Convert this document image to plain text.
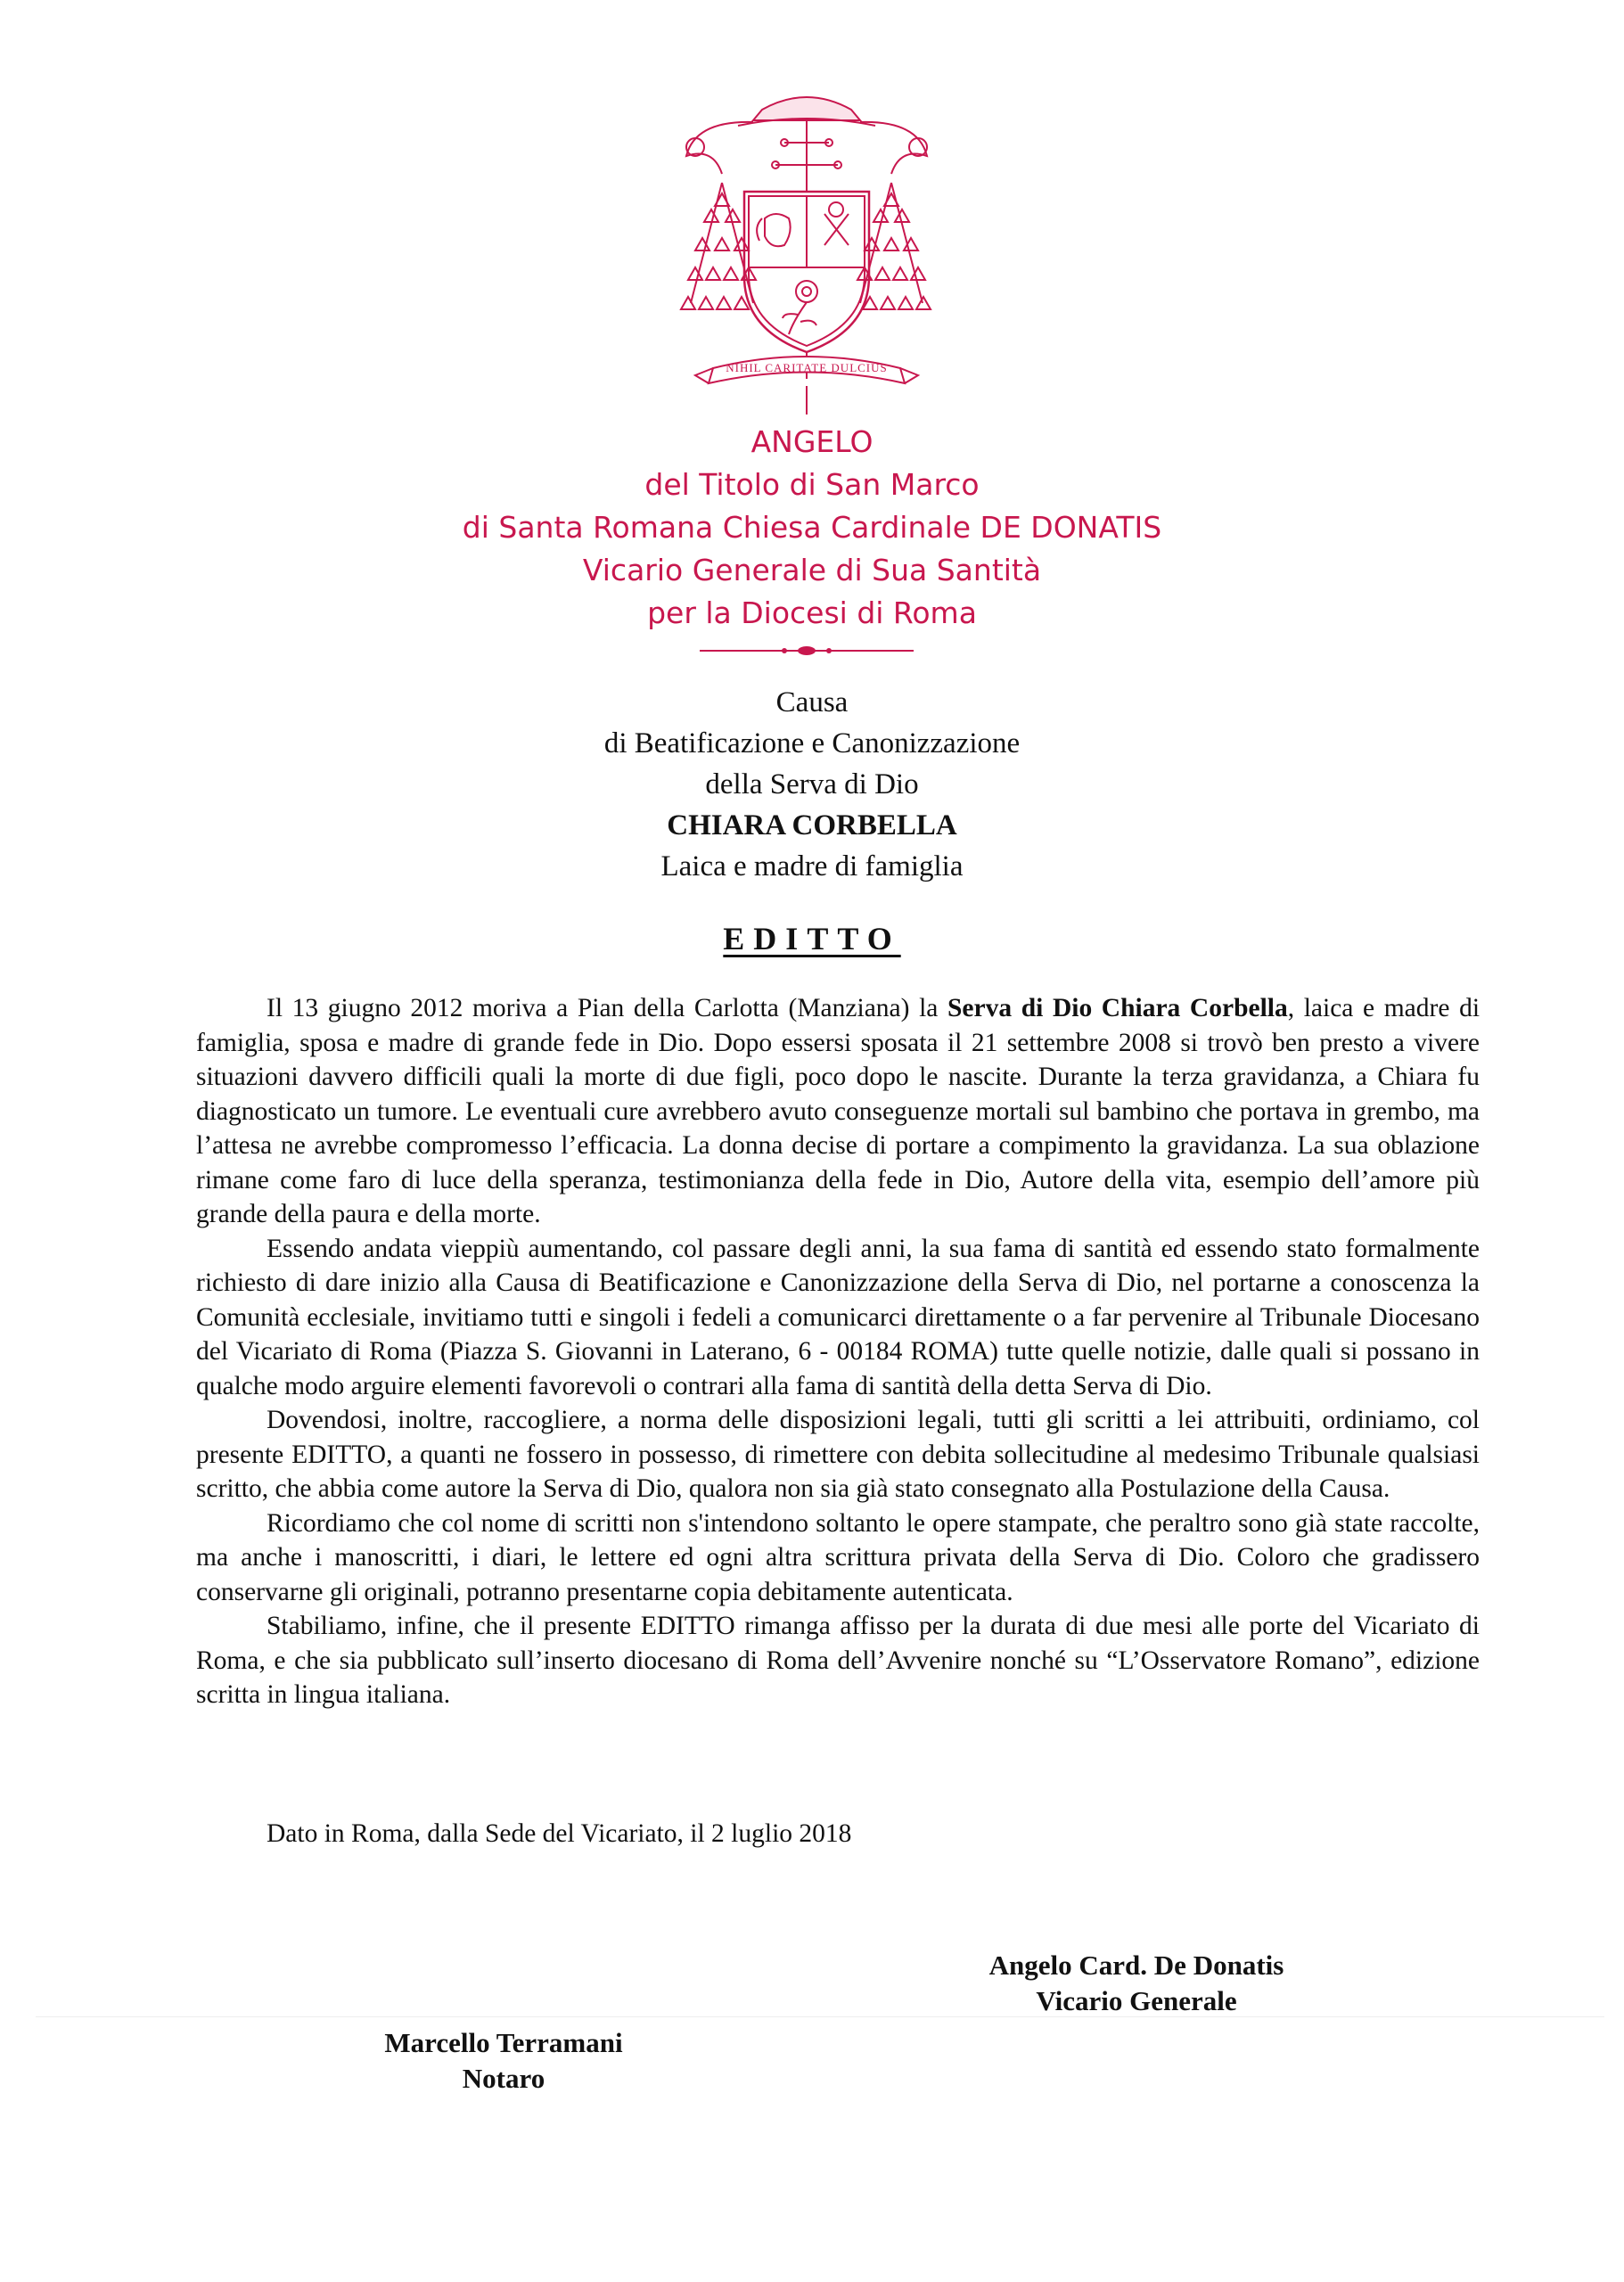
NIHIL CARITATE DULCIUS
ANGELO
del Titolo di San Marco
di Santa Romana Chiesa Cardinale DE DONATIS
Vicario Generale di Sua Santità
per la Diocesi di Roma
Causa
di Beatificazione e Canonizzazione
della Serva di Dio
CHIARA CORBELLA
Laica e madre di famiglia
EDITTO

Il 13 giugno 2012 moriva a Pian della Carlotta (Manziana) la Serva di Dio Chiara Corbella, laica e madre di famiglia, sposa e madre di grande fede in Dio. Dopo essersi sposata il 21 settembre 2008 si trovò ben presto a vivere situazioni davvero difficili quali la morte di due figli, poco dopo le nascite. Durante la terza gravidanza, a Chiara fu diagnosticato un tumore. Le eventuali cure avrebbero avuto conseguenze mortali sul bambino che portava in grembo, ma l’attesa ne avrebbe compromesso l’efficacia. La donna decise di portare a compimento la gravidanza. La sua oblazione rimane come faro di luce della speranza, testimonianza della fede in Dio, Autore della vita, esempio dell’amore più grande della paura e della morte.

Essendo andata vieppiù aumentando, col passare degli anni, la sua fama di santità ed essendo stato formalmente richiesto di dare inizio alla Causa di Beatificazione e Canonizzazione della Serva di Dio, nel portarne a conoscenza la Comunità ecclesiale, invitiamo tutti e singoli i fedeli a comunicarci direttamente o a far pervenire al Tribunale Diocesano del Vicariato di Roma (Piazza S. Giovanni in Laterano, 6 - 00184 ROMA) tutte quelle notizie, dalle quali si possano in qualche modo arguire elementi favorevoli o contrari alla fama di santità della detta Serva di Dio.

Dovendosi, inoltre, raccogliere, a norma delle disposizioni legali, tutti gli scritti a lei attribuiti, ordiniamo, col presente EDITTO, a quanti ne fossero in possesso, di rimettere con debita sollecitudine al medesimo Tribunale qualsiasi scritto, che abbia come autore la Serva di Dio, qualora non sia già stato consegnato alla Postulazione della Causa.

Ricordiamo che col nome di scritti non s'intendono soltanto le opere stampate, che peraltro sono già state raccolte, ma anche i manoscritti, i diari, le lettere ed ogni altra scrittura privata della Serva di Dio. Coloro che gradissero conservarne gli originali, potranno presentarne copia debitamente autenticata.

Stabiliamo, infine, che il presente EDITTO rimanga affisso per la durata di due mesi alle porte del Vicariato di Roma, e che sia pubblicato sull’inserto diocesano di Roma dell’Avvenire nonché su “L’Osservatore Romano”, edizione scritta in lingua italiana.

Dato in Roma, dalla Sede del Vicariato, il 2 luglio 2018
Angelo Card. De Donatis
Vicario Generale
Marcello Terramani
Notaro
